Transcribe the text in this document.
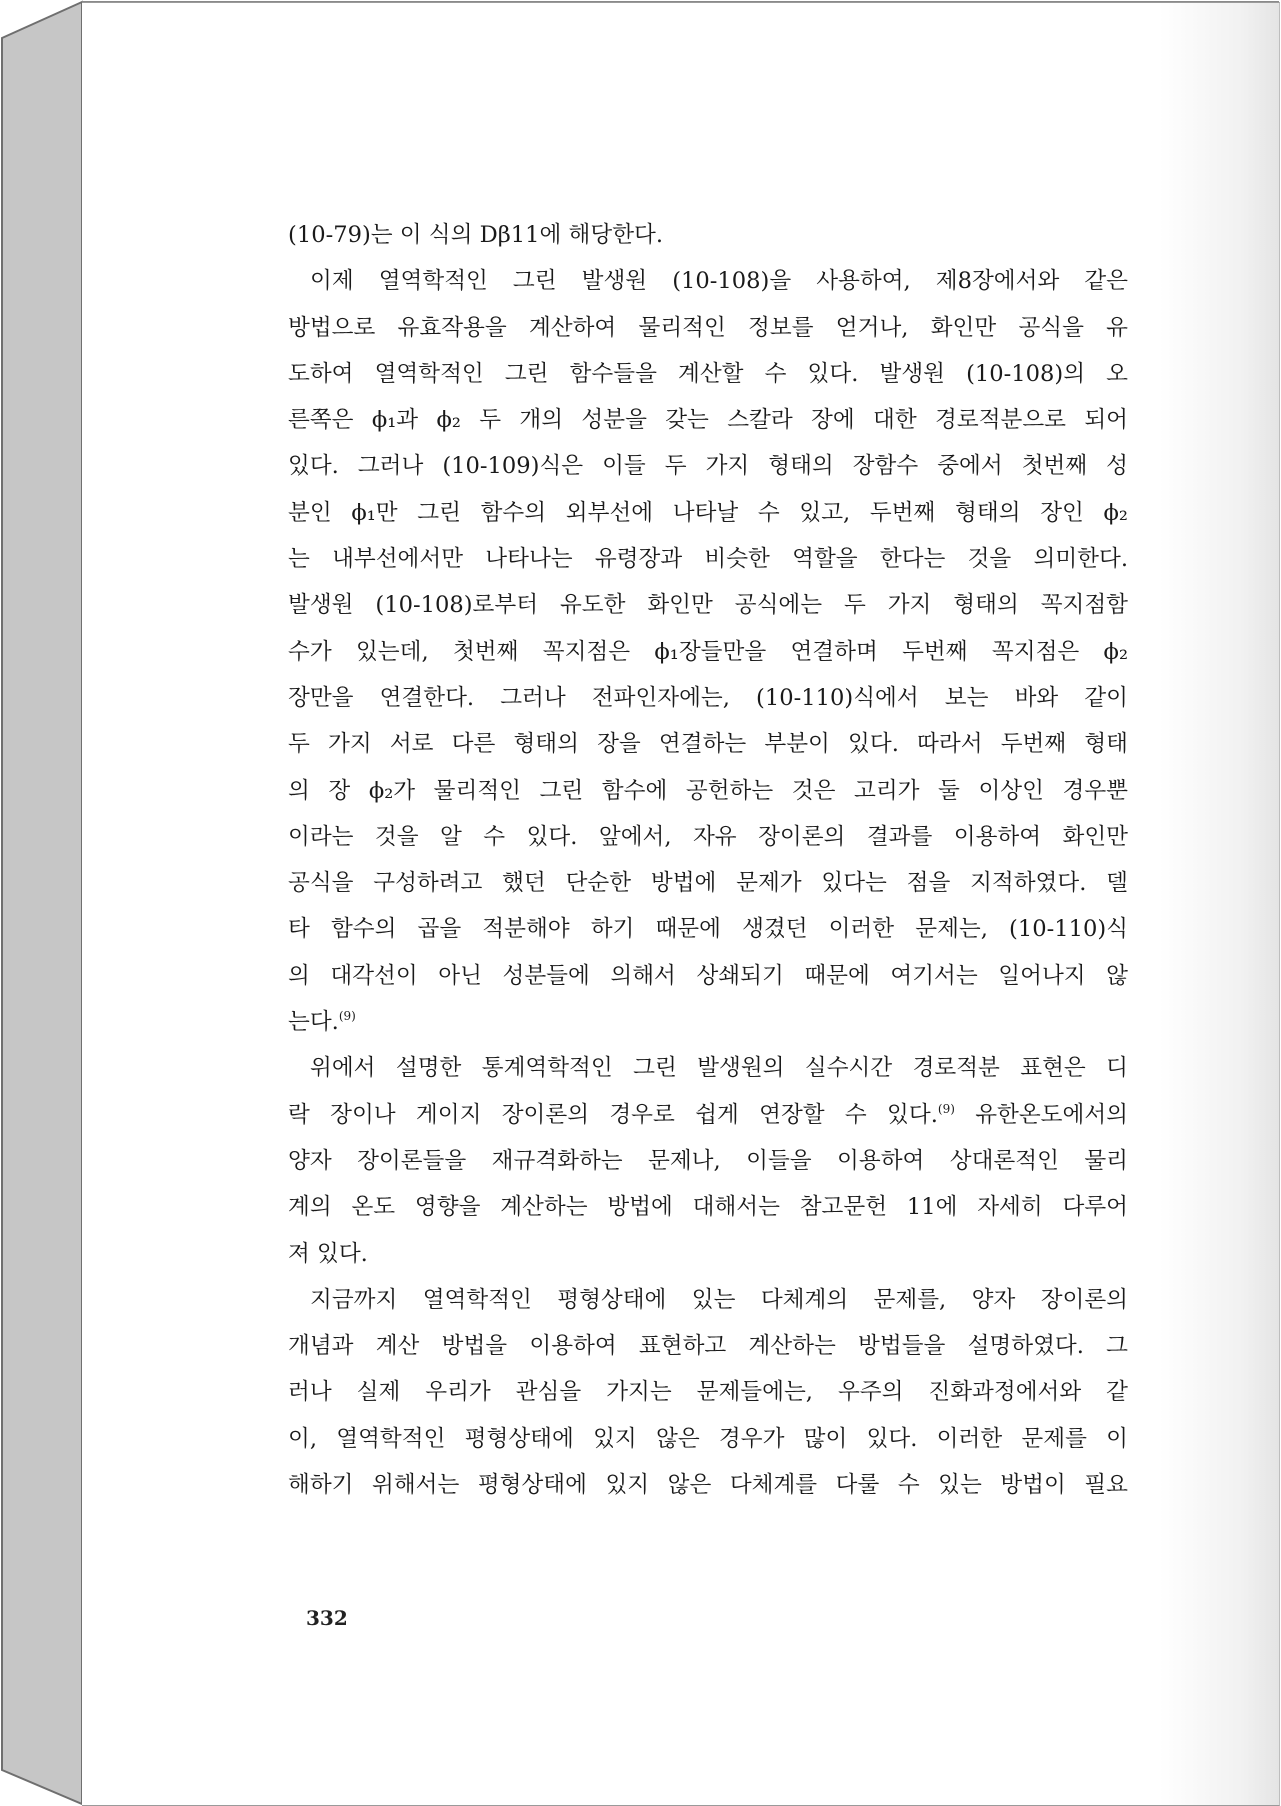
(10-79)는 이 식의 Dβ11에 해당한다.
이제 열역학적인 그린 발생원 (10-108)을 사용하여, 제8장에서와 같은
방법으로 유효작용을 계산하여 물리적인 정보를 얻거나, 화인만 공식을 유
도하여 열역학적인 그린 함수들을 계산할 수 있다. 발생원 (10-108)의 오
른쪽은 ϕ₁과 ϕ₂ 두 개의 성분을 갖는 스칼라 장에 대한 경로적분으로 되어
있다. 그러나 (10-109)식은 이들 두 가지 형태의 장함수 중에서 첫번째 성
분인 ϕ₁만 그린 함수의 외부선에 나타날 수 있고, 두번째 형태의 장인 ϕ₂
는 내부선에서만 나타나는 유령장과 비슷한 역할을 한다는 것을 의미한다.
발생원 (10-108)로부터 유도한 화인만 공식에는 두 가지 형태의 꼭지점함
수가 있는데, 첫번째 꼭지점은 ϕ₁장들만을 연결하며 두번째 꼭지점은 ϕ₂
장만을 연결한다. 그러나 전파인자에는, (10-110)식에서 보는 바와 같이
두 가지 서로 다른 형태의 장을 연결하는 부분이 있다. 따라서 두번째 형태
의 장 ϕ₂가 물리적인 그린 함수에 공헌하는 것은 고리가 둘 이상인 경우뿐
이라는 것을 알 수 있다. 앞에서, 자유 장이론의 결과를 이용하여 화인만
공식을 구성하려고 했던 단순한 방법에 문제가 있다는 점을 지적하였다. 델
타 함수의 곱을 적분해야 하기 때문에 생겼던 이러한 문제는, (10-110)식
의 대각선이 아닌 성분들에 의해서 상쇄되기 때문에 여기서는 일어나지 않
는다.$^{(9)}$
위에서 설명한 통계역학적인 그린 발생원의 실수시간 경로적분 표현은 디
락 장이나 게이지 장이론의 경우로 쉽게 연장할 수 있다.$^{(9)}$ 유한온도에서의
양자 장이론들을 재규격화하는 문제나, 이들을 이용하여 상대론적인 물리
계의 온도 영향을 계산하는 방법에 대해서는 참고문헌 11에 자세히 다루어
져 있다.
지금까지 열역학적인 평형상태에 있는 다체계의 문제를, 양자 장이론의
개념과 계산 방법을 이용하여 표현하고 계산하는 방법들을 설명하였다. 그
러나 실제 우리가 관심을 가지는 문제들에는, 우주의 진화과정에서와 같
이, 열역학적인 평형상태에 있지 않은 경우가 많이 있다. 이러한 문제를 이
해하기 위해서는 평형상태에 있지 않은 다체계를 다룰 수 있는 방법이 필요
332
